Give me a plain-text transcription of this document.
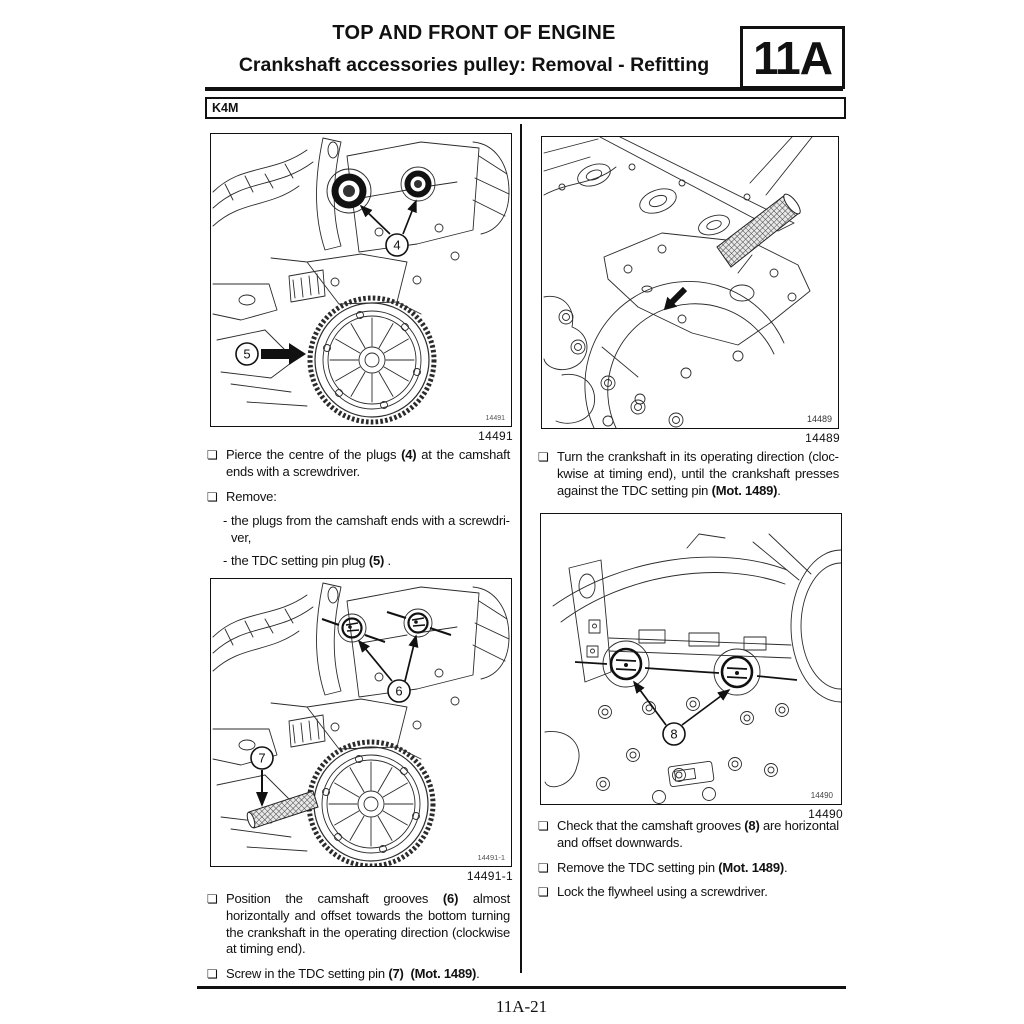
TOP AND FRONT OF ENGINE
Crankshaft accessories pulley: Removal - Refitting 11A
K4M
4
5
14491
14491
14489
14489
6
7
14491-1
14491-1
8
14490
14490
❏ Pierce the centre of the plugs (4) at the camshaft ends with a screwdriver.
❏ Remove:
- the plugs from the camshaft ends with a screwdriver,
- the TDC setting pin plug (5) .
❏ Turn the crankshaft in its operating direction (clockwise at timing end), until the crankshaft presses against the TDC setting pin (Mot. 1489).
❏ Position the camshaft grooves (6) almost horizontally and offset towards the bottom turning the crankshaft in the operating direction (clockwise at timing end).
❏ Screw in the TDC setting pin (7) (Mot. 1489).
❏ Check that the camshaft grooves (8) are horizontal and offset downwards.
❏ Remove the TDC setting pin (Mot. 1489).
❏ Lock the flywheel using a screwdriver.
11A-21
